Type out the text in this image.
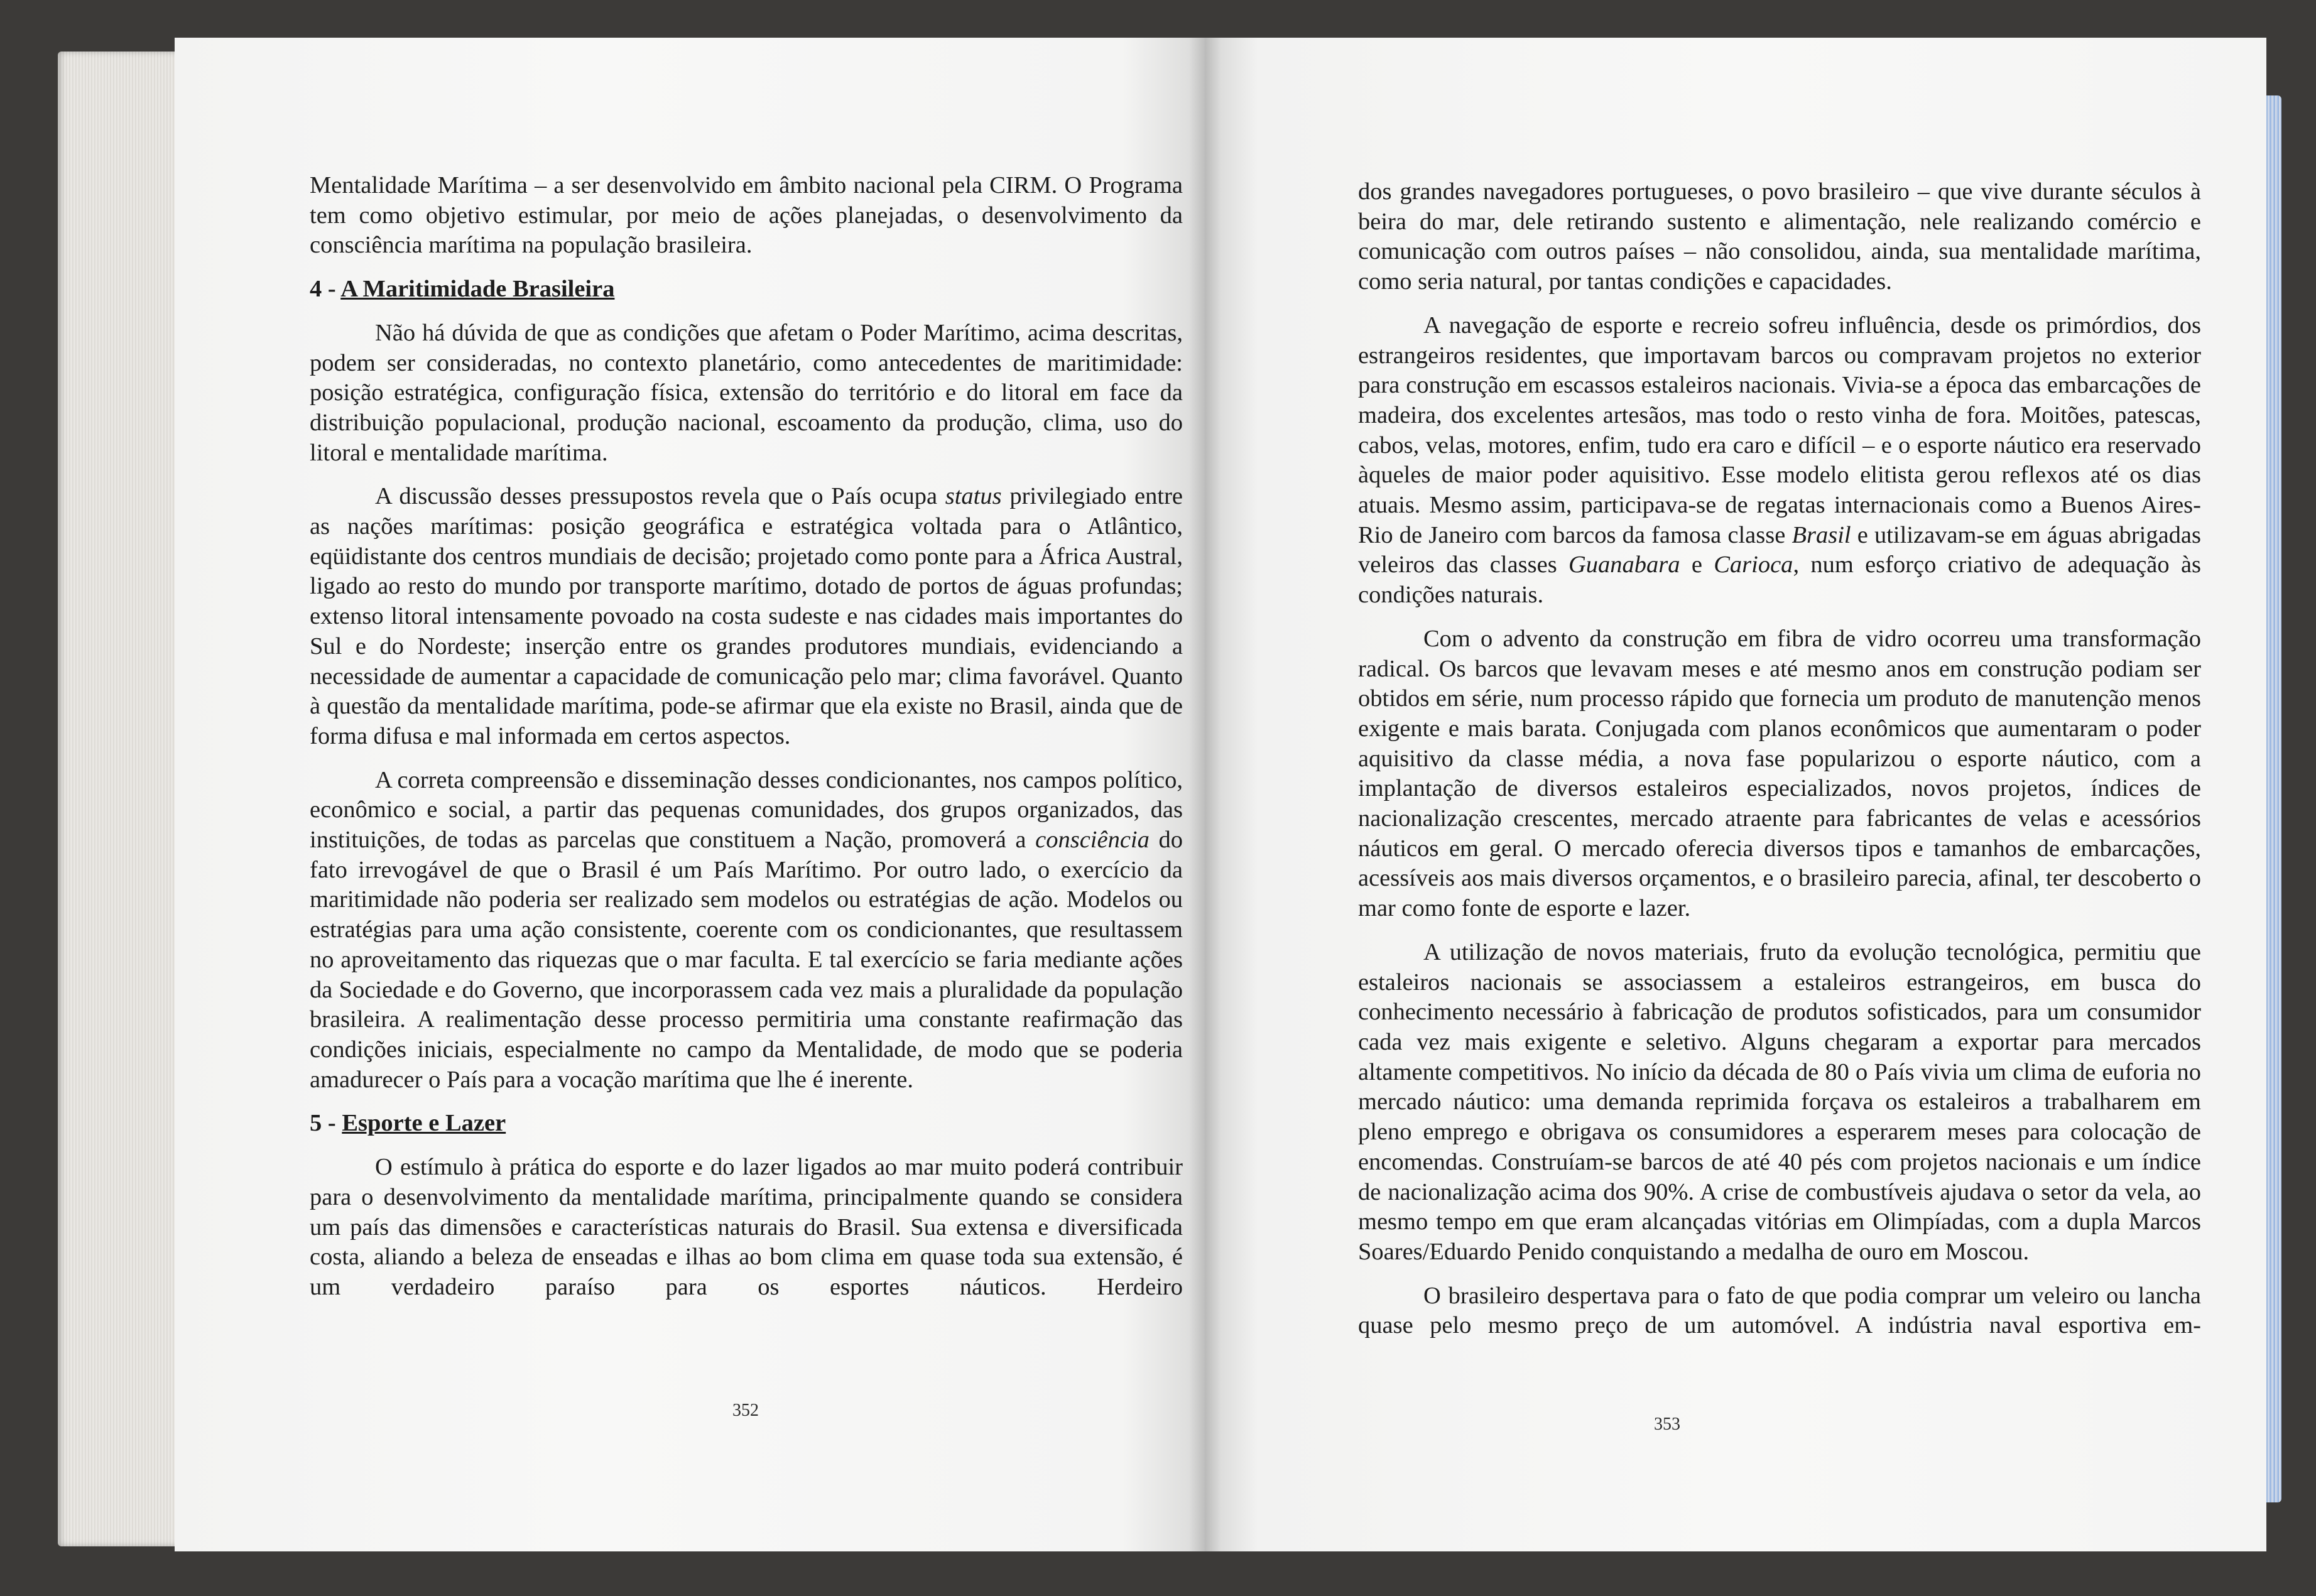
Mentalidade Marítima – a ser desenvolvido em âmbito nacional pela CIRM. O Programa tem como objetivo estimular, por meio de ações planejadas, o desenvolvimento da consciência marítima na população brasileira.

4 - A Maritimidade Brasileira

Não há dúvida de que as condições que afetam o Poder Marítimo, acima descritas, podem ser consideradas, no contexto planetário, como antecedentes de maritimidade: posição estratégica, configuração física, extensão do território e do litoral em face da distribuição populacional, produção nacional, escoamento da produção, clima, uso do litoral e mentalidade marítima.

A discussão desses pressupostos revela que o País ocupa status privilegiado entre as nações marítimas: posição geográfica e estratégica voltada para o Atlântico, eqüidistante dos centros mundiais de decisão; projetado como ponte para a África Austral, ligado ao resto do mundo por transporte marítimo, dotado de portos de águas profundas; extenso litoral intensamente povoado na costa sudeste e nas cidades mais importantes do Sul e do Nordeste; inserção entre os grandes produtores mundiais, evidenciando a necessidade de aumentar a capacidade de comunicação pelo mar; clima favorável. Quanto à questão da mentalidade marítima, pode-se afirmar que ela existe no Brasil, ainda que de forma difusa e mal informada em certos aspectos.

A correta compreensão e disseminação desses condicionantes, nos campos político, econômico e social, a partir das pequenas comunidades, dos grupos organizados, das instituições, de todas as parcelas que constituem a Nação, promoverá a consciência do fato irrevogável de que o Brasil é um País Marítimo. Por outro lado, o exercício da maritimidade não poderia ser realizado sem modelos ou estratégias de ação. Modelos ou estratégias para uma ação consistente, coerente com os condicionantes, que resultassem no aproveitamento das riquezas que o mar faculta. E tal exercício se faria mediante ações da Sociedade e do Governo, que incorporassem cada vez mais a pluralidade da população brasileira. A realimentação desse processo permitiria uma constante reafirmação das condições iniciais, especialmente no campo da Mentalidade, de modo que se poderia amadurecer o País para a vocação marítima que lhe é inerente.

5 - Esporte e Lazer

O estímulo à prática do esporte e do lazer ligados ao mar muito poderá contribuir para o desenvolvimento da mentalidade marítima, principalmente quando se considera um país das dimensões e características naturais do Brasil. Sua extensa e diversificada costa, aliando a beleza de enseadas e ilhas ao bom clima em quase toda sua extensão, é um verdadeiro paraíso para os esportes náuticos. Herdeiro

352

dos grandes navegadores portugueses, o povo brasileiro – que vive durante séculos à beira do mar, dele retirando sustento e alimentação, nele realizando comércio e comunicação com outros países – não consolidou, ainda, sua mentalidade marítima, como seria natural, por tantas condições e capacidades.

A navegação de esporte e recreio sofreu influência, desde os primórdios, dos estrangeiros residentes, que importavam barcos ou compravam projetos no exterior para construção em escassos estaleiros nacionais. Vivia-se a época das embarcações de madeira, dos excelentes artesãos, mas todo o resto vinha de fora. Moitões, patescas, cabos, velas, motores, enfim, tudo era caro e difícil – e o esporte náutico era reservado àqueles de maior poder aquisitivo. Esse modelo elitista gerou reflexos até os dias atuais. Mesmo assim, participava-se de regatas internacionais como a Buenos Aires-Rio de Janeiro com barcos da famosa classe Brasil e utilizavam-se em águas abrigadas veleiros das classes Guanabara e Carioca, num esforço criativo de adequação às condições naturais.

Com o advento da construção em fibra de vidro ocorreu uma transformação radical. Os barcos que levavam meses e até mesmo anos em construção podiam ser obtidos em série, num processo rápido que fornecia um produto de manutenção menos exigente e mais barata. Conjugada com planos econômicos que aumentaram o poder aquisitivo da classe média, a nova fase popularizou o esporte náutico, com a implantação de diversos estaleiros especializados, novos projetos, índices de nacionalização crescentes, mercado atraente para fabricantes de velas e acessórios náuticos em geral. O mercado oferecia diversos tipos e tamanhos de embarcações, acessíveis aos mais diversos orçamentos, e o brasileiro parecia, afinal, ter descoberto o mar como fonte de esporte e lazer.

A utilização de novos materiais, fruto da evolução tecnológica, permitiu que estaleiros nacionais se associassem a estaleiros estrangeiros, em busca do conhecimento necessário à fabricação de produtos sofisticados, para um consumidor cada vez mais exigente e seletivo. Alguns chegaram a exportar para mercados altamente competitivos. No início da década de 80 o País vivia um clima de euforia no mercado náutico: uma demanda reprimida forçava os estaleiros a trabalharem em pleno emprego e obrigava os consumidores a esperarem meses para colocação de encomendas. Construíam-se barcos de até 40 pés com projetos nacionais e um índice de nacionalização acima dos 90%. A crise de combustíveis ajudava o setor da vela, ao mesmo tempo em que eram alcançadas vitórias em Olimpíadas, com a dupla Marcos Soares/Eduardo Penido conquistando a medalha de ouro em Moscou.

O brasileiro despertava para o fato de que podia comprar um veleiro ou lancha quase pelo mesmo preço de um automóvel. A indústria naval esportiva em-

353
